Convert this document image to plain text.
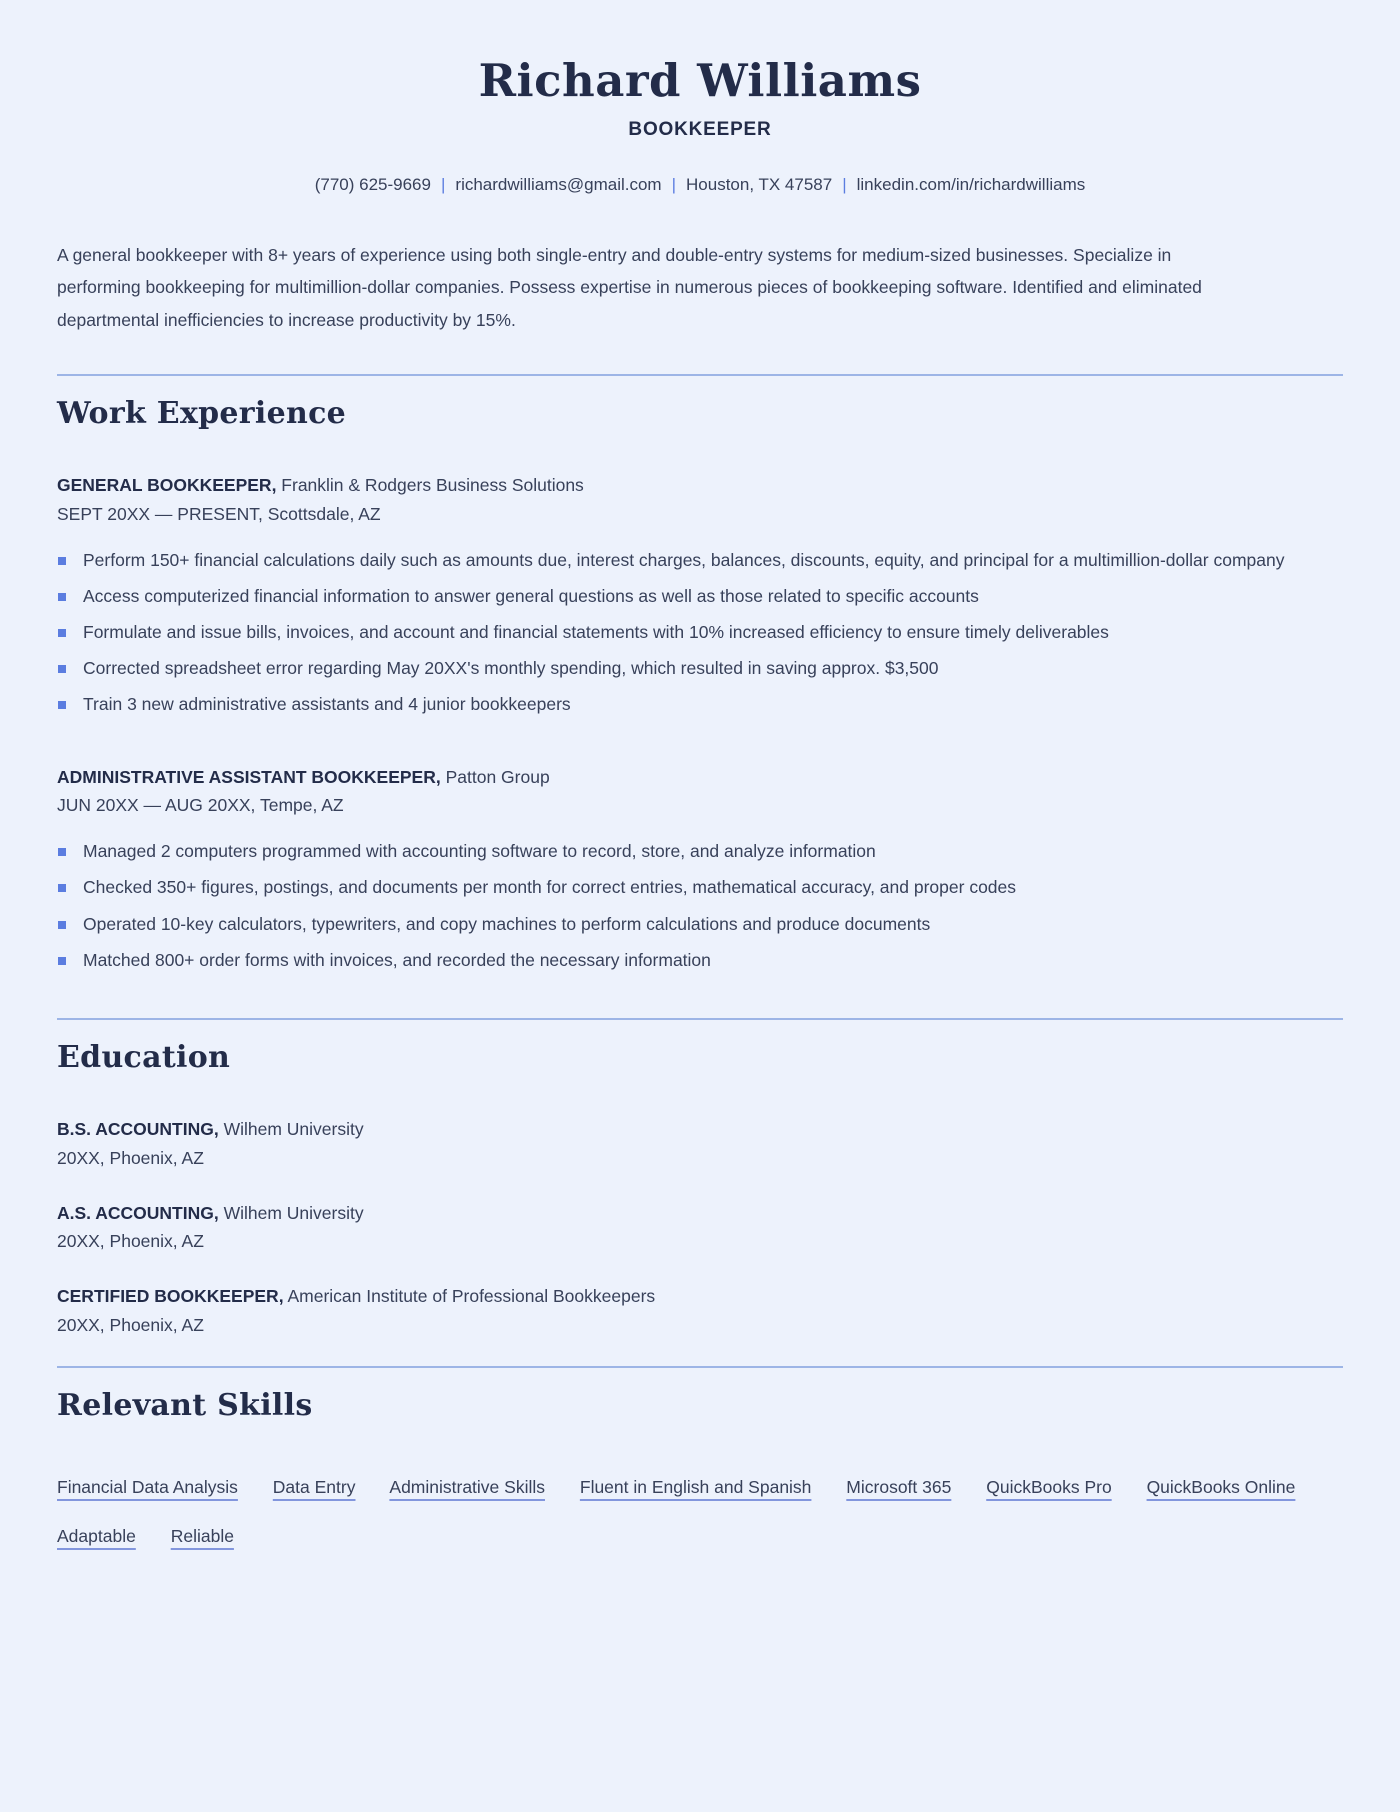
Richard Williams
BOOKKEEPER
(770) 625-9669 | richardwilliams@gmail.com | Houston, TX 47587 | linkedin.com/in/richardwilliams

A general bookkeeper with 8+ years of experience using both single-entry and double-entry systems for medium-sized businesses. Specialize in performing bookkeeping for multimillion-dollar companies. Possess expertise in numerous pieces of bookkeeping software. Identified and eliminated departmental inefficiencies to increase productivity by 15%.

Work Experience
GENERAL BOOKKEEPER, Franklin & Rodgers Business Solutions
SEPT 20XX — PRESENT, Scottsdale, AZ
Perform 150+ financial calculations daily such as amounts due, interest charges, balances, discounts, equity, and principal for a multimillion-dollar company
Access computerized financial information to answer general questions as well as those related to specific accounts
Formulate and issue bills, invoices, and account and financial statements with 10% increased efficiency to ensure timely deliverables
Corrected spreadsheet error regarding May 20XX's monthly spending, which resulted in saving approx. $3,500
Train 3 new administrative assistants and 4 junior bookkeepers
ADMINISTRATIVE ASSISTANT BOOKKEEPER, Patton Group
JUN 20XX — AUG 20XX, Tempe, AZ
Managed 2 computers programmed with accounting software to record, store, and analyze information
Checked 350+ figures, postings, and documents per month for correct entries, mathematical accuracy, and proper codes
Operated 10-key calculators, typewriters, and copy machines to perform calculations and produce documents
Matched 800+ order forms with invoices, and recorded the necessary information
Education
B.S. ACCOUNTING, Wilhem University
20XX, Phoenix, AZ
A.S. ACCOUNTING, Wilhem University
20XX, Phoenix, AZ
CERTIFIED BOOKKEEPER, American Institute of Professional Bookkeepers
20XX, Phoenix, AZ
Relevant Skills

Financial Data Analysis Data Entry Administrative Skills Fluent in English and Spanish Microsoft 365 QuickBooks Pro QuickBooks Online Adaptable Reliable
